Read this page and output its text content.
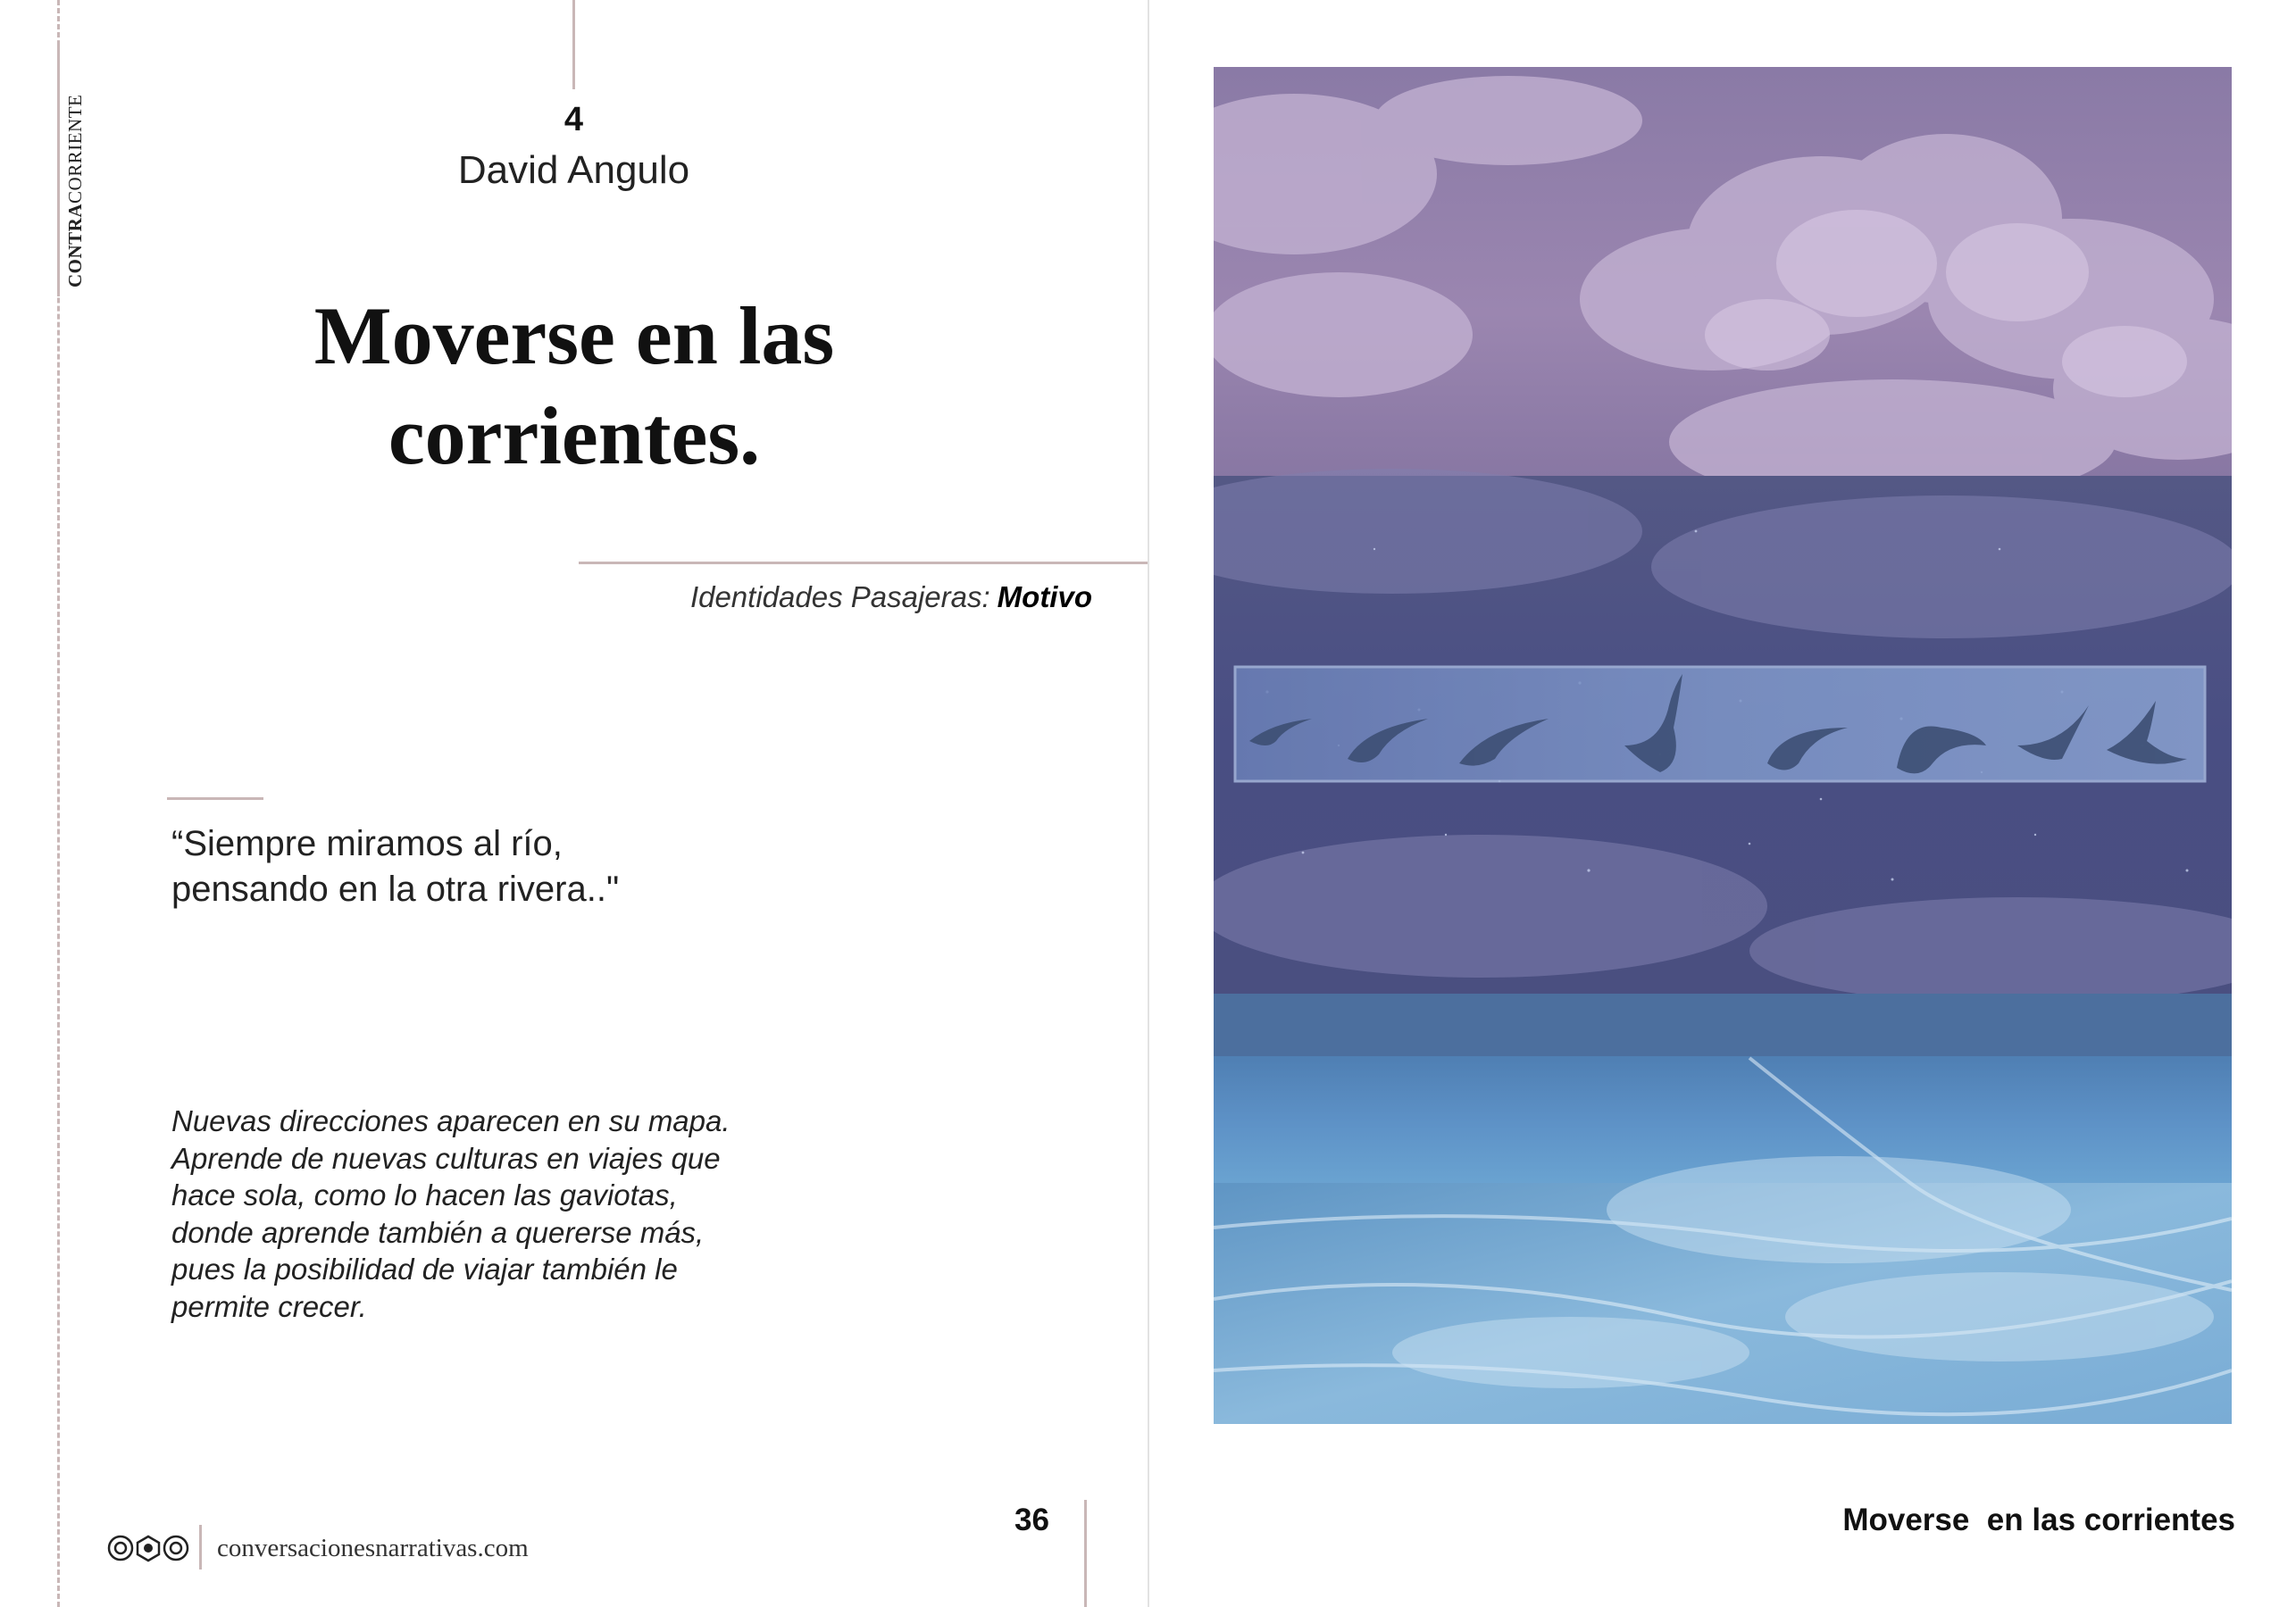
CONTRACORRIENTE	4
David Angulo
Moverse en las
corrientes.
Identidades Pasajeras: Motivo
“Siempre miramos al río,
pensando en la otra rivera.."
Nuevas direcciones aparecen en su mapa.
Aprende de nuevas culturas en viajes que
hace sola, como lo hacen las gaviotas,
donde aprende también a quererse más,
pues la posibilidad de viajar también le
permite crecer.
conversacionesnarrativas.com
36	Moverse  en las corrientes
